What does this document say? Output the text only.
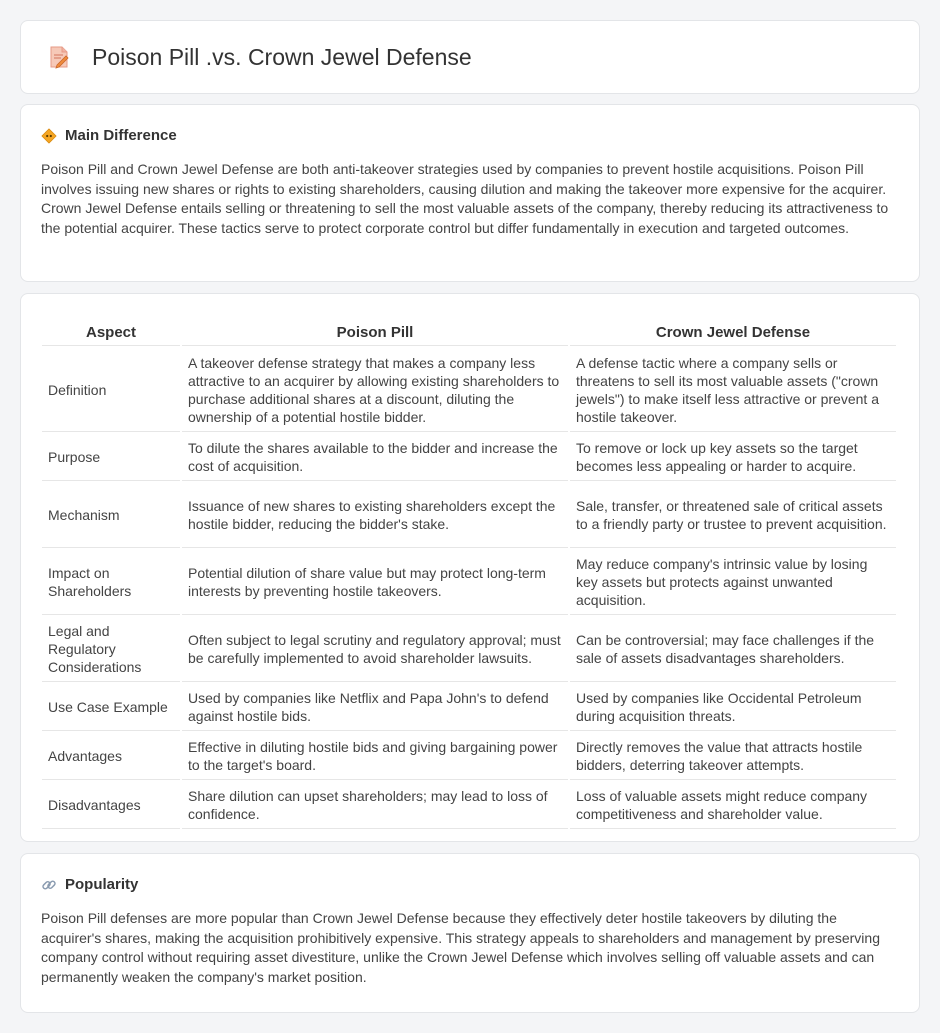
Poison Pill .vs. Crown Jewel Defense
Main Difference

Poison Pill and Crown Jewel Defense are both anti-takeover strategies used by companies to prevent hostile acquisitions. Poison Pill involves issuing new shares or rights to existing shareholders, causing dilution and making the takeover more expensive for the acquirer. Crown Jewel Defense entails selling or threatening to sell the most valuable assets of the company, thereby reducing its attractiveness to the potential acquirer. These tactics serve to protect corporate control but differ fundamentally in execution and targeted outcomes.

Aspect	Poison Pill	Crown Jewel Defense
Definition	A takeover defense strategy that makes a company less attractive to an acquirer by allowing existing shareholders to purchase additional shares at a discount, diluting the ownership of a potential hostile bidder.	A defense tactic where a company sells or threatens to sell its most valuable assets ("crown jewels") to make itself less attractive or prevent a hostile takeover.
Purpose	To dilute the shares available to the bidder and increase the cost of acquisition.	To remove or lock up key assets so the target becomes less appealing or harder to acquire.
Mechanism	Issuance of new shares to existing shareholders except the hostile bidder, reducing the bidder's stake.	Sale, transfer, or threatened sale of critical assets to a friendly party or trustee to prevent acquisition.
Impact on Shareholders	Potential dilution of share value but may protect long-term interests by preventing hostile takeovers.	May reduce company's intrinsic value by losing key assets but protects against unwanted acquisition.
Legal and Regulatory Considerations	Often subject to legal scrutiny and regulatory approval; must be carefully implemented to avoid shareholder lawsuits.	Can be controversial; may face challenges if the sale of assets disadvantages shareholders.
Use Case Example	Used by companies like Netflix and Papa John's to defend against hostile bids.	Used by companies like Occidental Petroleum during acquisition threats.
Advantages	Effective in diluting hostile bids and giving bargaining power to the target's board.	Directly removes the value that attracts hostile bidders, deterring takeover attempts.
Disadvantages	Share dilution can upset shareholders; may lead to loss of confidence.	Loss of valuable assets might reduce company competitiveness and shareholder value.
Popularity

Poison Pill defenses are more popular than Crown Jewel Defense because they effectively deter hostile takeovers by diluting the acquirer's shares, making the acquisition prohibitively expensive. This strategy appeals to shareholders and management by preserving company control without requiring asset divestiture, unlike the Crown Jewel Defense which involves selling off valuable assets and can permanently weaken the company's market position.
